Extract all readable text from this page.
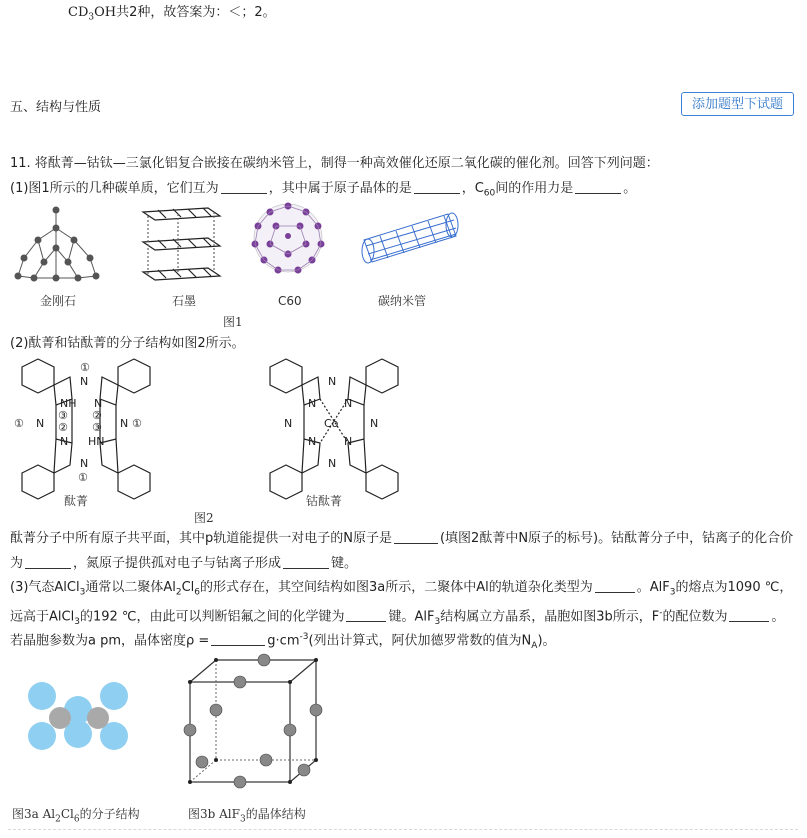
$CD_3OH$共2种，故答案为：＜；2。
五、结构与性质	添加题型下试题
11. 将酞菁—钴钛—三氯化铝复合嵌接在碳纳米管上，制得一种高效催化还原二氧化碳的催化剂。回答下列问题：
(1)图1所示的几种碳单质，它们互为	，其中属于原子晶体的是	，$C_{60}$间的作用力是	。
金刚石	石墨	C60	碳纳米管
图1
(2)酞菁和钴酞菁的分子结构如图2所示。
N
NH N
N	N
N HN
N
①
①	①
①
③ ②
② ③
N
N	N
N	N
N	N
N
Co
酞菁	钴酞菁
图2
酞菁分子中所有原子共平面，其中p轨道能提供一对电子的N原子是	(填图2酞菁中N原子的标号)。钴酞菁分子中，钴离子的化合价
为	，氮原子提供孤对电子与钴离子形成	键。
(3)气态AlCl$_3$通常以二聚体$Al_2Cl_6$的形式存在，其空间结构如图3a所示，二聚体中Al的轨道杂化类型为	。AlF$_3$的熔点为1090 ℃，
远高于AlCl$_3$的192 ℃，由此可以判断铝氟之间的化学键为	键。AlF$_3$结构属立方晶系，晶胞如图3b所示，F-的配位数为	。
若晶胞参数为a pm，晶体密度ρ =	$g\cdot cm^{-3}$(列出计算式，阿伏加德罗常数的值为$N_A$)。
图3a $Al_2Cl_6$的分子结构	图3b AlF$_3$的晶体结构
